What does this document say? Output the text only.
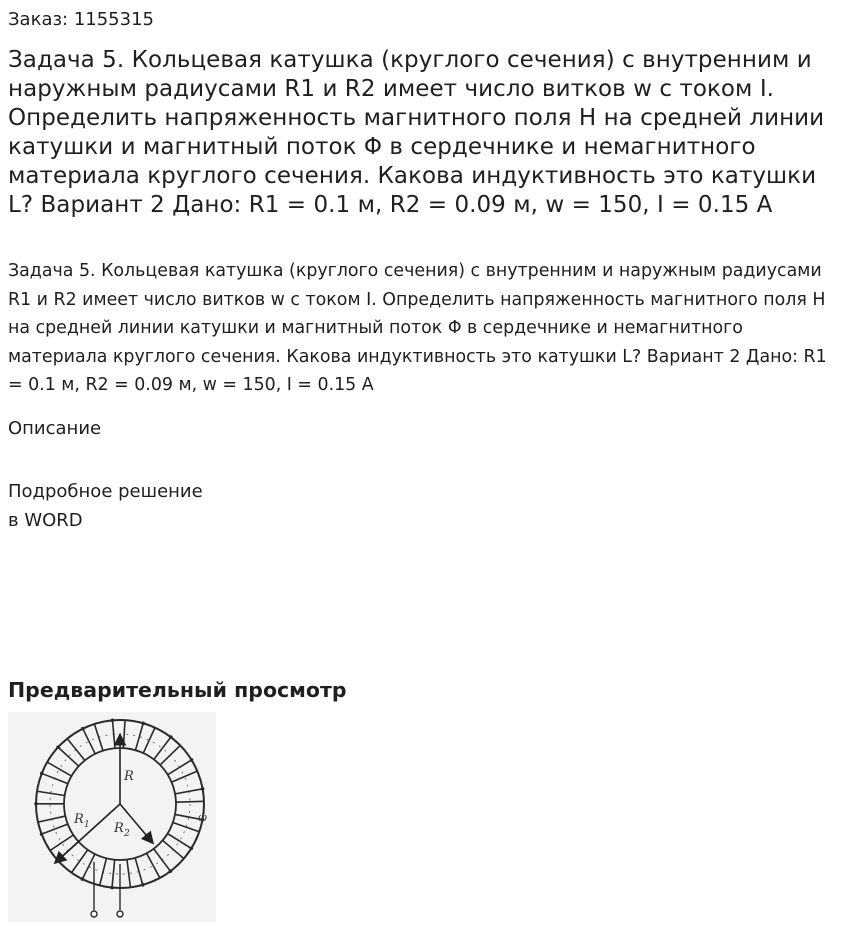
Заказ: 1155315
Задача 5. Кольцевая катушка (круглого сечения) с внутренним и наружным радиусами R1 и R2 имеет число витков w с током I. Определить напряженность магнитного поля H на средней линии катушки и магнитный поток Φ в сердечнике и немагнитного материала круглого сечения. Какова индуктивность это катушки L? Вариант 2 Дано: R1 = 0.1 м, R2 = 0.09 м, w = 150, I = 0.15 А

Задача 5. Кольцевая катушка (круглого сечения) с внутренним и наружным радиусами R1 и R2 имеет число витков w с током I. Определить напряженность магнитного поля H на средней линии катушки и магнитный поток Φ в сердечнике и немагнитного материала круглого сечения. Какова индуктивность это катушки L? Вариант 2 Дано: R1 = 0.1 м, R2 = 0.09 м, w = 150, I = 0.15 А

Описание
Подробное решение
в WORD
Предварительный просмотр
R
R 1 R 2
ω
